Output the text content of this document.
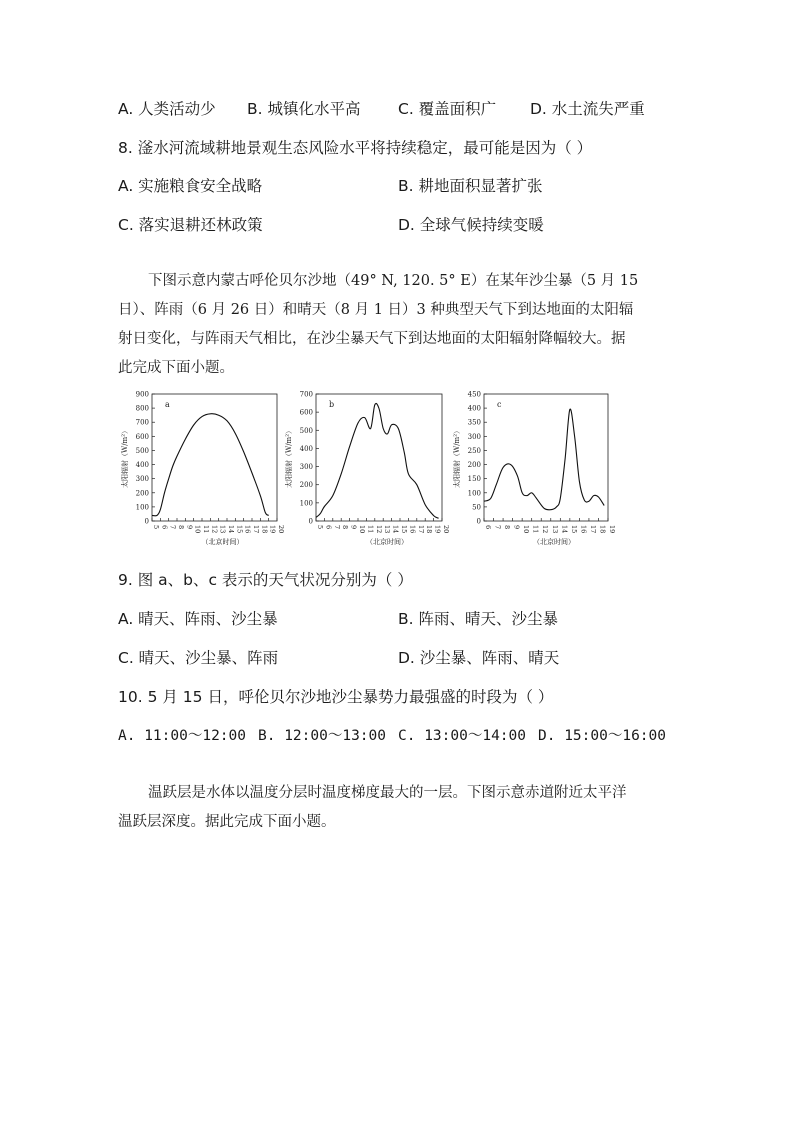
A. 人类活动少 B. 城镇化水平高 C. 覆盖面积广 D. 水土流失严重
8. 滏水河流域耕地景观生态风险水平将持续稳定，最可能是因为（ ）
A. 实施粮食安全战略	B. 耕地面积显著扩张
C. 落实退耕还林政策	D. 全球气候持续变暖
下图示意内蒙古呼伦贝尔沙地（49° N, 120. 5° E）在某年沙尘暴（5 月 15
日）、阵雨（6 月 26 日）和晴天（8 月 1 日）3 种典型天气下到达地面的太阳辐
射日变化，与阵雨天气相比，在沙尘暴天气下到达地面的太阳辐射降幅较大。据
此完成下面小题。
0
100
200
300
400
500
600
700
800
900
5 6 7 8 9 10 11 12 13 14 15 16 17 18 19 20
a
太阳辐射（W/m²）
（北京时间）
0
100
200
300
400
500
600
700
5 6 7 8 9 10 11 12 13 14 15 16 17 18 19 20
b
太阳辐射（W/m²）
（北京时间）
0
50
100
150
200
250
300
350
400
450
6 7 8 9 10 11 12 13 14 15 16 17 18 19
c
太阳辐射（W/m²）
（北京时间）
9. 图 a、b、c 表示的天气状况分别为（ ）
A. 晴天、阵雨、沙尘暴	B. 阵雨、晴天、沙尘暴
C. 晴天、沙尘暴、阵雨	D. 沙尘暴、阵雨、晴天
10. 5 月 15 日，呼伦贝尔沙地沙尘暴势力最强盛的时段为（ ）
A. 11:00～12:00 B. 12:00～13:00 C. 13:00～14:00 D. 15:00～16:00
温跃层是水体以温度分层时温度梯度最大的一层。下图示意赤道附近太平洋
温跃层深度。据此完成下面小题。
